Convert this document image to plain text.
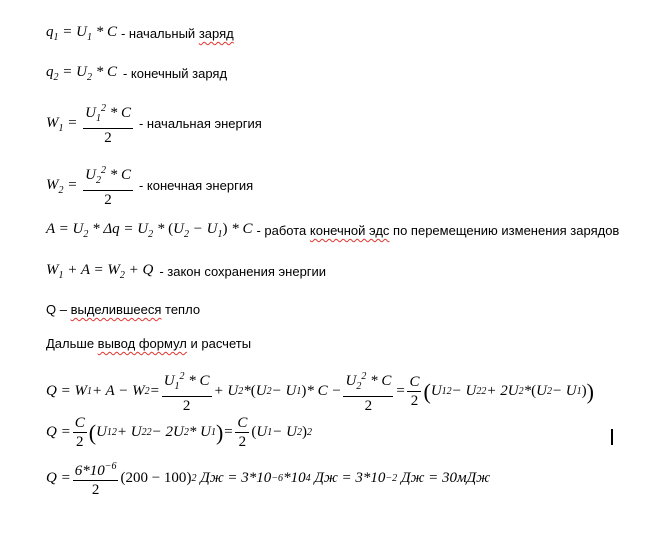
$q_1 = U_1 * C$ - начальный заряд
$q_2 = U_2 * C$ - конечный заряд
$W_1 = \frac{U_1^2 * C}{2}$ - начальная энергия
$W_2 = \frac{U_2^2 * C}{2}$ - конечная энергия
$A = U_2 * \Delta q = U_2 * (U_2 - U_1) * C$ - работа конечной эдс по перемещению изменения зарядов
$W_1 + A = W_2 + Q$ - закон сохранения энергии
Q – выделившееся тепло
Дальше вывод формул и расчеты
Q = W 1 + A − W $2 = \frac{U_1^2 * C}{2} + U$ 2 * ( U 2 − U 1 ) * $C - \frac{U_2^2 * C}{2} = \frac{C}{2}$ ( U 1 2 − U 2 2 + 2U 2 * ( U 2 − U 1 ) )
$Q = \frac{C}{2}$ ( U 1 2 + U 2 2 − 2U 2 * U 1 ) = $\frac{C}{2}$ ( U 1 − U 2 ) 2
$Q = \frac{6*10^{-6}}{2}$ ( 200 − 100 ) 2 Дж = 3*10 −6 *10 4 Дж = 3*10 −2 Дж = 30мДж
